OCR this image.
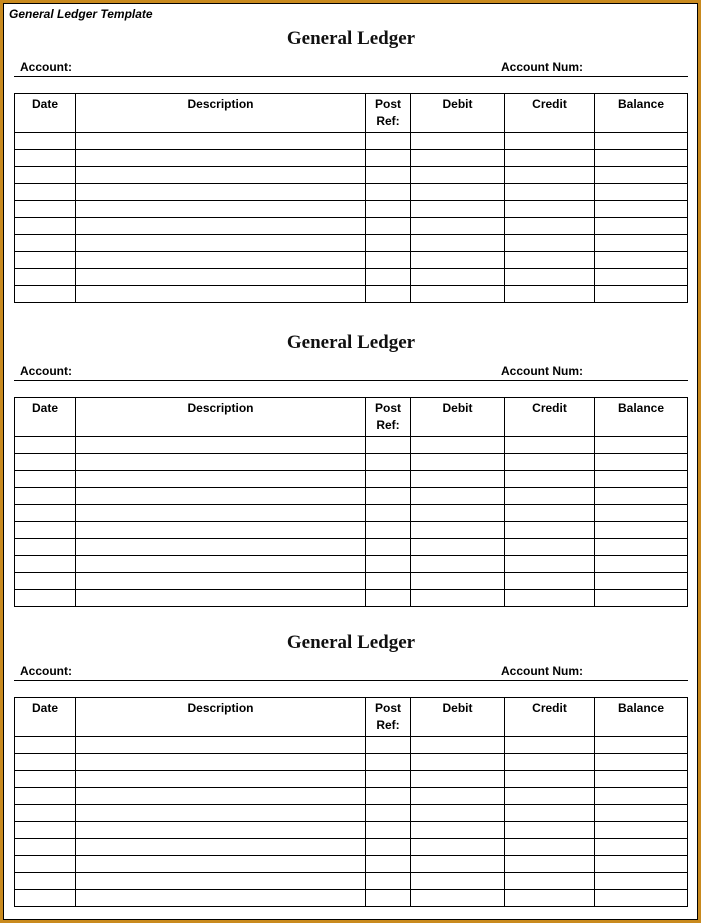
General Ledger Template
General Ledger
Account:	Account Num:
Date	Description	Post Ref:	Debit	Credit	Balance

General Ledger
Account:	Account Num:
Date	Description	Post Ref:	Debit	Credit	Balance

General Ledger
Account:	Account Num:
Date	Description	Post Ref:	Debit	Credit	Balance
